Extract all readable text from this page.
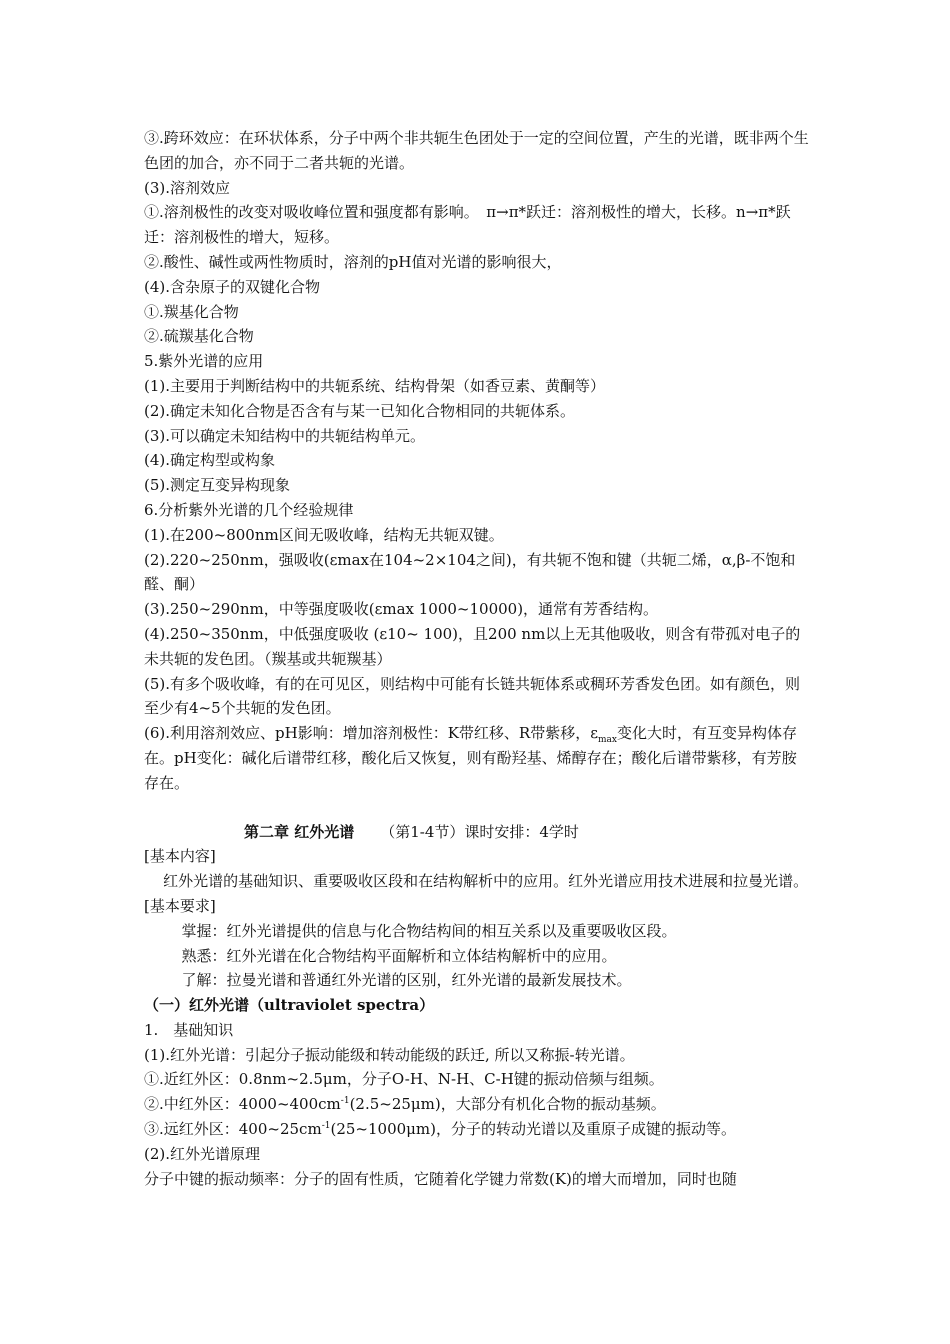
③.跨环效应：在环状体系，分子中两个非共轭生色团处于一定的空间位置，产生的光谱，既非两个生色团的加合，亦不同于二者共轭的光谱。

(3).溶剂效应

①.溶剂极性的改变对吸收峰位置和强度都有影响。　π→π*跃迁：溶剂极性的增大，长移。n→π*跃迁：溶剂极性的增大，短移。

②.酸性、碱性或两性物质时，溶剂的pH值对光谱的影响很大，

(4).含杂原子的双键化合物

①.羰基化合物

②.硫羰基化合物

5.紫外光谱的应用

(1).主要用于判断结构中的共轭系统、结构骨架（如香豆素、黄酮等）

(2).确定未知化合物是否含有与某一已知化合物相同的共轭体系。

(3).可以确定未知结构中的共轭结构单元。

(4).确定构型或构象

(5).测定互变异构现象

6.分析紫外光谱的几个经验规律

(1).在200~800nm区间无吸收峰，结构无共轭双键。

(2).220~250nm，强吸收(εmax在104~2×104之间)，有共轭不饱和键（共轭二烯，α,β-不饱和醛、酮）

(3).250~290nm，中等强度吸收(εmax 1000~10000)，通常有芳香结构。

(4).250~350nm，中低强度吸收 (ε10~ 100)，且200 nm以上无其他吸收，则含有带孤对电子的未共轭的发色团。（羰基或共轭羰基）

(5).有多个吸收峰，有的在可见区，则结构中可能有长链共轭体系或稠环芳香发色团。如有颜色，则至少有4~5个共轭的发色团。

(6).利用溶剂效应、pH影响：增加溶剂极性：K带红移、R带紫移，$\varepsilon_{max}$变化大时，有互变异构体存在。pH变化：碱化后谱带红移，酸化后又恢复，则有酚羟基、烯醇存在；酸化后谱带紫移，有芳胺存在。

第二章 红外光谱 （第1-4节）课时安排：4学时

[基本内容]

红外光谱的基础知识、重要吸收区段和在结构解析中的应用。红外光谱应用技术进展和拉曼光谱。

[基本要求]

掌握：红外光谱提供的信息与化合物结构间的相互关系以及重要吸收区段。

熟悉：红外光谱在化合物结构平面解析和立体结构解析中的应用。

了解：拉曼光谱和普通红外光谱的区别，红外光谱的最新发展技术。

（一）红外光谱（ultraviolet spectra）

1.　基础知识

(1).红外光谱：引起分子振动能级和转动能级的跃迁, 所以又称振-转光谱。

①.近红外区：0.8nm~2.5μm，分子O-H、N-H、C-H键的振动倍频与组频。

②.中红外区：$4000\sim 400cm^{-1}(2.5\sim 25\mu m)$，大部分有机化合物的振动基频。

③.远红外区：$400\sim 25cm^{-1}(25\sim 1000\mu m)$，分子的转动光谱以及重原子成键的振动等。

(2).红外光谱原理

分子中键的振动频率：分子的固有性质，它随着化学键力常数(K)的增大而增加，同时也随
